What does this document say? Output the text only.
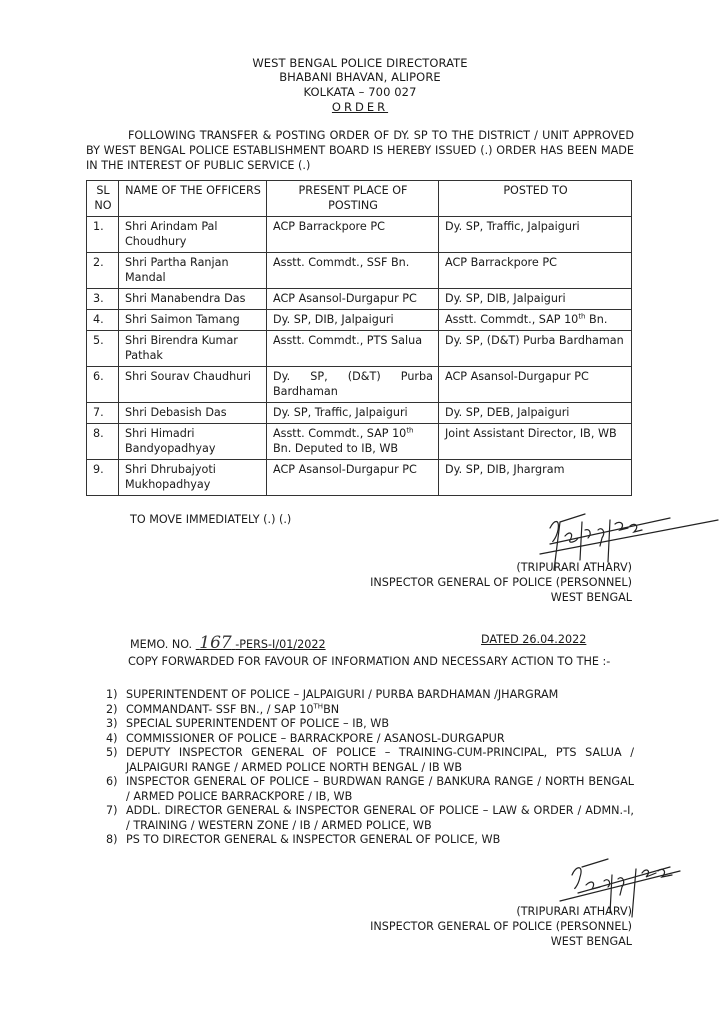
WEST BENGAL POLICE DIRECTORATE
BHABANI BHAVAN, ALIPORE
KOLKATA – 700 027
ORDER
FOLLOWING TRANSFER & POSTING ORDER OF DY. SP TO THE DISTRICT / UNIT APPROVED BY WEST BENGAL POLICE ESTABLISHMENT BOARD IS HEREBY ISSUED (.) ORDER HAS BEEN MADE IN THE INTEREST OF PUBLIC SERVICE (.)
SL NO	NAME OF THE OFFICERS	PRESENT PLACE OF POSTING	POSTED TO
1.	Shri Arindam Pal Choudhury	ACP Barrackpore PC	Dy. SP, Traffic, Jalpaiguri
2.	Shri Partha Ranjan Mandal	Asstt. Commdt., SSF Bn.	ACP Barrackpore PC
3.	Shri Manabendra Das	ACP Asansol-Durgapur PC	Dy. SP, DIB, Jalpaiguri
4.	Shri Saimon Tamang	Dy. SP, DIB, Jalpaiguri	Asstt. Commdt., SAP 10th Bn.
5.	Shri Birendra Kumar Pathak	Asstt. Commdt., PTS Salua	Dy. SP, (D&T) Purba Bardhaman
6.	Shri Sourav Chaudhuri	Dy. SP, (D&T) Purba Bardhaman	ACP Asansol-Durgapur PC
7.	Shri Debasish Das	Dy. SP, Traffic, Jalpaiguri	Dy. SP, DEB, Jalpaiguri
8.	Shri Himadri Bandyopadhyay	Asstt. Commdt., SAP 10th Bn. Deputed to IB, WB	Joint Assistant Director, IB, WB
9.	Shri Dhrubajyoti Mukhopadhyay	ACP Asansol-Durgapur PC	Dy. SP, DIB, Jhargram
TO MOVE IMMEDIATELY (.) (.)
(TRIPURARI ATHARV)
INSPECTOR GENERAL OF POLICE (PERSONNEL)
WEST BENGAL
MEMO. NO. 167 -PERS-I/01/2022	DATED 26.04.2022
COPY FORWARDED FOR FAVOUR OF INFORMATION AND NECESSARY ACTION TO THE :-
1) SUPERINTENDENT OF POLICE – JALPAIGURI / PURBA BARDHAMAN /JHARGRAM
2) COMMANDANT- SSF BN., / SAP 10THBN
3) SPECIAL SUPERINTENDENT OF POLICE – IB, WB
4) COMMISSIONER OF POLICE – BARRACKPORE / ASANOSL-DURGAPUR
5) DEPUTY INSPECTOR GENERAL OF POLICE – TRAINING-CUM-PRINCIPAL, PTS SALUA / JALPAIGURI RANGE / ARMED POLICE NORTH BENGAL / IB WB
6) INSPECTOR GENERAL OF POLICE – BURDWAN RANGE / BANKURA RANGE / NORTH BENGAL / ARMED POLICE BARRACKPORE / IB, WB
7) ADDL. DIRECTOR GENERAL & INSPECTOR GENERAL OF POLICE – LAW & ORDER / ADMN.-I, / TRAINING / WESTERN ZONE / IB / ARMED POLICE, WB
8) PS TO DIRECTOR GENERAL & INSPECTOR GENERAL OF POLICE, WB
(TRIPURARI ATHARV)
INSPECTOR GENERAL OF POLICE (PERSONNEL)
WEST BENGAL
